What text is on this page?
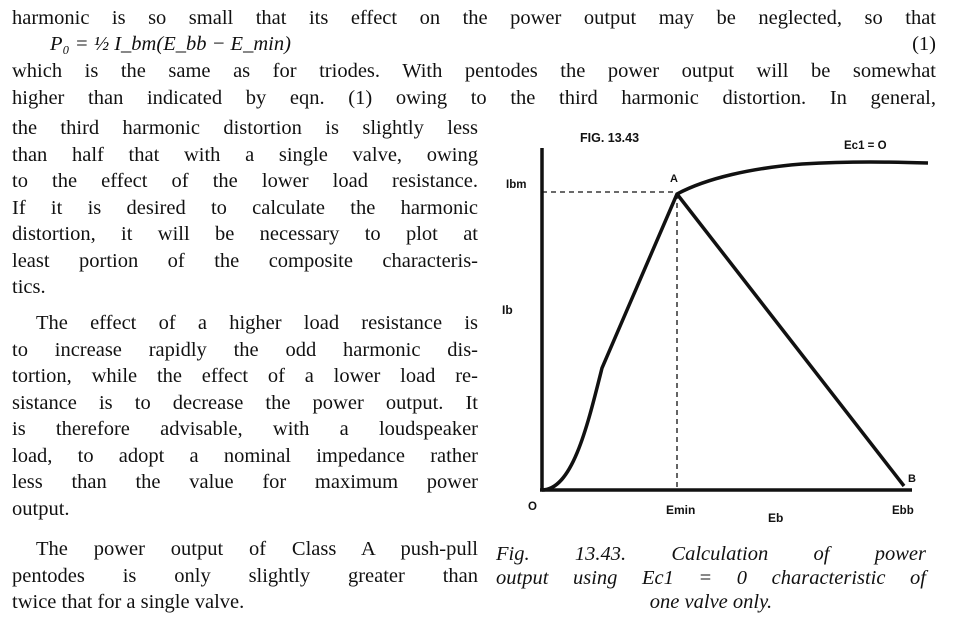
harmonic is so small that its effect on the power output may be neglected, so that
P₀ = ½ I_bm(E_bb − E_min)	(1)
which is the same as for triodes. With pentodes the power output will be somewhat
higher than indicated by eqn. (1) owing to the third harmonic distortion. In general,
the third harmonic distortion is slightly less
than half that with a single valve, owing
to the effect of the lower load resistance.
If it is desired to calculate the harmonic
distortion, it will be necessary to plot at
least portion of the composite characteris-
tics.
The effect of a higher load resistance is
to increase rapidly the odd harmonic dis-
tortion, while the effect of a lower load re-
sistance is to decrease the power output. It
is therefore advisable, with a loudspeaker
load, to adopt a nominal impedance rather
less than the value for maximum power
output.
The power output of Class A push-pull
pentodes is only slightly greater than
twice that for a single valve.
FIG. 13.43
Ec1 = O
A
Ibm
Ib
B
O	Emin
Eb	Ebb
Fig. 13.43. Calculation of power
output using Ec1 = 0 characteristic of
one valve only.
